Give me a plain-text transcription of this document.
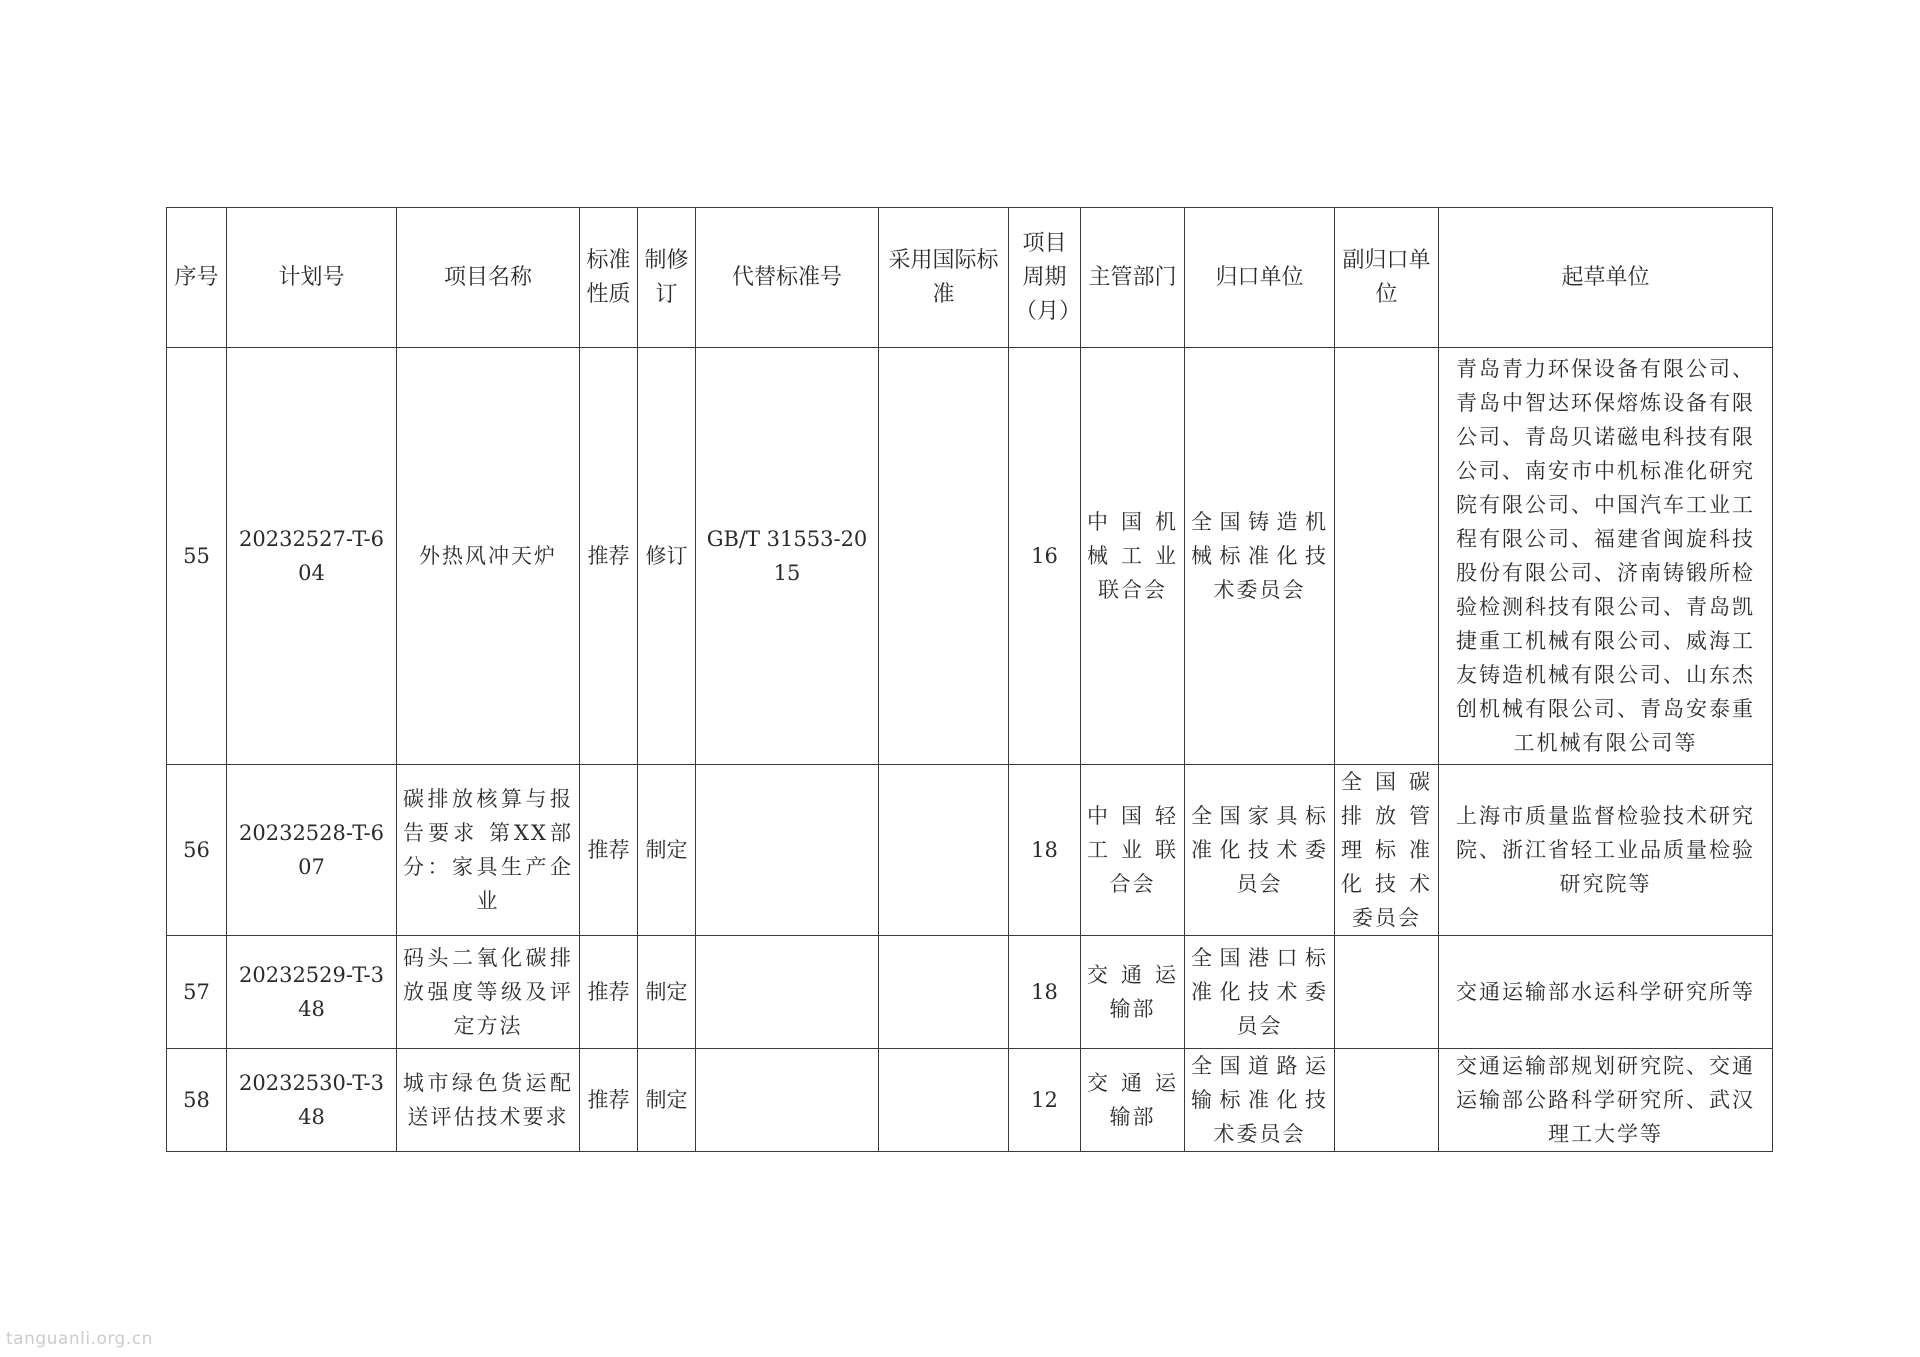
序号	计划号	项目名称	标准性质	制修订	代替标准号	采用国际标准	项目周期（月）	主管部门	归口单位	副归口单位	起草单位
55	20232527-T-604	外热风冲天炉	推荐	修订	GB/T 31553-2015		16	中国机械工业联合会	全国铸造机械标准化技术委员会		青岛青力环保设备有限公司、青岛中智达环保熔炼设备有限公司、青岛贝诺磁电科技有限公司、南安市中机标准化研究院有限公司、中国汽车工业工程有限公司、福建省闽旋科技股份有限公司、济南铸锻所检验检测科技有限公司、青岛凯捷重工机械有限公司、威海工友铸造机械有限公司、山东杰创机械有限公司、青岛安泰重工机械有限公司等
56	20232528-T-607	碳排放核算与报告要求 第XX部分：家具生产企业	推荐	制定			18	中国轻工业联合会	全国家具标准化技术委员会	全国碳排放管理标准化技术委员会	上海市质量监督检验技术研究院、浙江省轻工业品质量检验研究院等
57	20232529-T-348	码头二氧化碳排放强度等级及评定方法	推荐	制定			18	交通运输部	全国港口标准化技术委员会		交通运输部水运科学研究所等
58	20232530-T-348	城市绿色货运配送评估技术要求	推荐	制定			12	交通运输部	全国道路运输标准化技术委员会		交通运输部规划研究院、交通运输部公路科学研究所、武汉理工大学等
tanguanli.org.cn
